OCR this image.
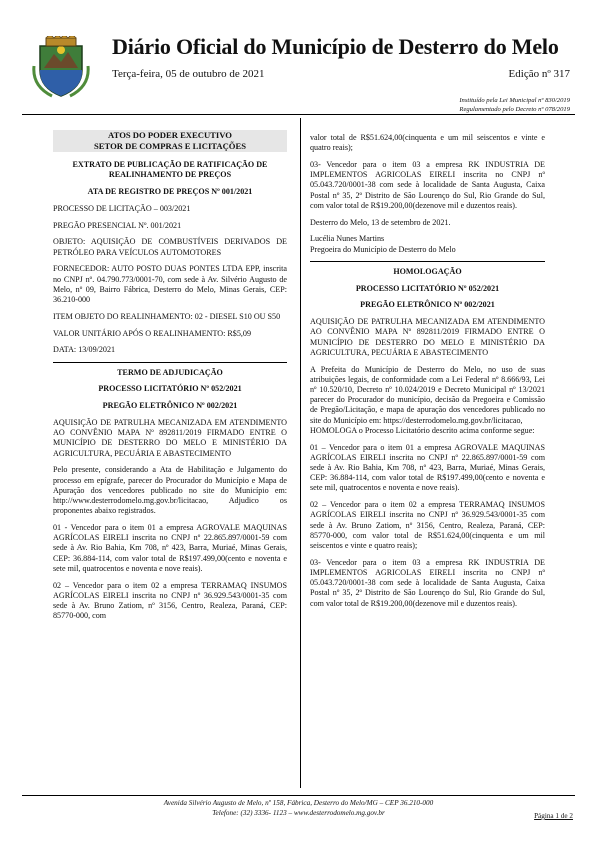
Diário Oficial do Município de Desterro do Melo
Terça-feira, 05 de outubro de 2021	Edição nº 317
Instituído pela Lei Municipal nº 830/2019
Regulamentado pelo Decreto nº 078/2019
ATOS DO PODER EXECUTIVO
SETOR DE COMPRAS E LICITAÇÕES

EXTRATO DE PUBLICAÇÃO DE RATIFICAÇÃO DE REALINHAMENTO DE PREÇOS

ATA DE REGISTRO DE PREÇOS Nº 001/2021

PROCESSO DE LICITAÇÃO – 003/2021

PREGÃO PRESENCIAL Nº. 001/2021

OBJETO: AQUISIÇÃO DE COMBUSTÍVEIS DERIVADOS DE PETRÓLEO PARA VEÍCULOS AUTOMOTORES

FORNECEDOR: AUTO POSTO DUAS PONTES LTDA EPP, inscrita no CNPJ nº. 04.790.773/0001-70, com sede à Av. Silvério Augusto de Melo, nº 09, Bairro Fábrica, Desterro do Melo, Minas Gerais, CEP: 36.210-000

ITEM OBJETO DO REALINHAMENTO: 02 - DIESEL S10 OU S50

VALOR UNITÁRIO APÓS O REALINHAMENTO: R$5,09

DATA: 13/09/2021

TERMO DE ADJUDICAÇÃO

PROCESSO LICITATÓRIO Nº 052/2021

PREGÃO ELETRÔNICO Nº 002/2021

AQUISIÇÃO DE PATRULHA MECANIZADA EM ATENDIMENTO AO CONVÊNIO MAPA Nº 892811/2019 FIRMADO ENTRE O MUNICÍPIO DE DESTERRO DO MELO E MINISTÉRIO DA AGRICULTURA, PECUÁRIA E ABASTECIMENTO

Pelo presente, considerando a Ata de Habilitação e Julgamento do processo em epígrafe, parecer do Procurador do Município e Mapa de Apuração dos vencedores publicado no site do Município em: http://www.desterrodomelo.mg.gov.br/licitacao, Adjudico os proponentes abaixo registrados.

01 - Vencedor para o item 01 a empresa AGROVALE MAQUINAS AGRÍCOLAS EIRELI inscrita no CNPJ nº 22.865.897/0001-59 com sede à Av. Rio Bahia, Km 708, nº 423, Barra, Muriaé, Minas Gerais, CEP: 36.884-114, com valor total de R$197.499,00(cento e noventa e sete mil, quatrocentos e noventa e nove reais).

02 – Vencedor para o item 02 a empresa TERRAMAQ INSUMOS AGRÍCOLAS EIRELI inscrita no CNPJ nº 36.929.543/0001-35 com sede à Av. Bruno Zatiom, nº 3156, Centro, Realeza, Paraná, CEP: 85770-000, com

valor total de R$51.624,00(cinquenta e um mil seiscentos e vinte e quatro reais);

03- Vencedor para o item 03 a empresa RK INDUSTRIA DE IMPLEMENTOS AGRICOLAS EIRELI inscrita no CNPJ nº 05.043.720/0001-38 com sede à localidade de Santa Augusta, Caixa Postal nº 35, 2º Distrito de São Lourenço do Sul, Rio Grande do Sul, com valor total de R$19.200,00(dezenove mil e duzentos reais).

Desterro do Melo, 13 de setembro de 2021.

Lucélia Nunes Martins
Pregoeira do Município de Desterro do Melo

HOMOLOGAÇÃO

PROCESSO LICITATÓRIO Nº 052/2021

PREGÃO ELETRÔNICO Nº 002/2021

AQUISIÇÃO DE PATRULHA MECANIZADA EM ATENDIMENTO AO CONVÊNIO MAPA Nº 892811/2019 FIRMADO ENTRE O MUNICÍPIO DE DESTERRO DO MELO E MINISTÉRIO DA AGRICULTURA, PECUÁRIA E ABASTECIMENTO

A Prefeita do Município de Desterro do Melo, no uso de suas atribuições legais, de conformidade com a Lei Federal nº 8.666/93, Lei nº 10.520/10, Decreto nº 10.024/2019 e Decreto Municipal nº 13/2021 parecer do Procurador do município, decisão da Pregoeira e Comissão de Pregão/Licitação, e mapa de apuração dos vencedores publicado no site do Município em: https://desterrodomelo.mg.gov.br/licitacao,

HOMOLOGA o Processo Licitatório descrito acima conforme segue:

01 – Vencedor para o item 01 a empresa AGROVALE MAQUINAS AGRÍCOLAS EIRELI inscrita no CNPJ nº 22.865.897/0001-59 com sede à Av. Rio Bahia, Km 708, nº 423, Barra, Muriaé, Minas Gerais, CEP: 36.884-114, com valor total de R$197.499,00(cento e noventa e sete mil, quatrocentos e noventa e nove reais).

02 – Vencedor para o item 02 a empresa TERRAMAQ INSUMOS AGRÍCOLAS EIRELI inscrita no CNPJ nº 36.929.543/0001-35 com sede à Av. Bruno Zatiom, nº 3156, Centro, Realeza, Paraná, CEP: 85770-000, com valor total de R$51.624,00(cinquenta e um mil seiscentos e vinte e quatro reais);

03- Vencedor para o item 03 a empresa RK INDUSTRIA DE IMPLEMENTOS AGRICOLAS EIRELI inscrita no CNPJ nº 05.043.720/0001-38 com sede à localidade de Santa Augusta, Caixa Postal nº 35, 2º Distrito de São Lourenço do Sul, Rio Grande do Sul, com valor total de R$19.200,00(dezenove mil e duzentos reais).

Avenida Silvério Augusto de Melo, nº 158, Fábrica, Desterro do Melo/MG – CEP 36.210-000
Telefone: (32) 3336- 1123 – www.desterrodomelo.mg.gov.br	Página 1 de 2
